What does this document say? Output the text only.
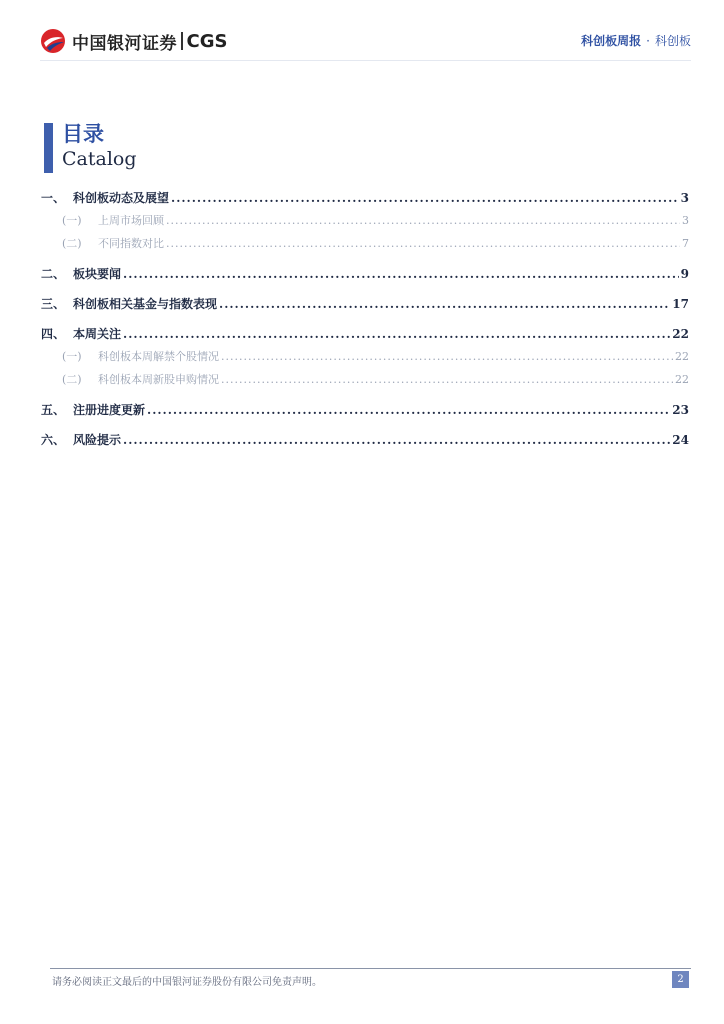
中国银河证券 CGS	科创板周报 · 科创板
目录
Catalog
一、 科创板动态及展望 .....	3
(一)	上周市场回顾 .....	3
(二)	不同指数对比 .....	7
二、 板块要闻 .....	9
三、 科创板相关基金与指数表现 .....	17
四、 本周关注 .....	22
(一)	科创板本周解禁个股情况 .....	22
(二)	科创板本周新股申购情况 .....	22
五、 注册进度更新 .....	23
六、 风险提示 .....	24
请务必阅读正文最后的中国银河证券股份有限公司免责声明。	2
